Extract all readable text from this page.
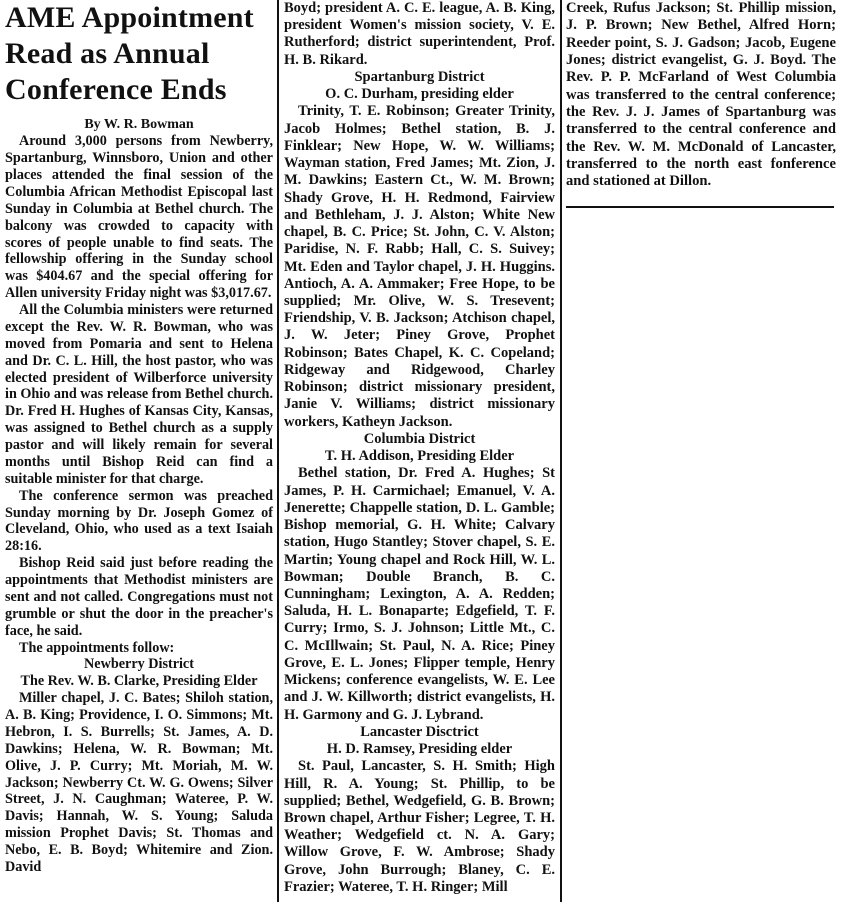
AME Appointment
Read as Annual
Conference Ends

By W. R. Bowman

Around 3,000 persons from Newberry, Spartanburg, Winnsboro, Union and other places attended the final session of the Columbia African Methodist Episcopal last Sunday in Columbia at Bethel church. The balcony was crowded to capacity with scores of people unable to find seats. The fellowship offering in the Sunday school was $404.67 and the special offering for Allen university Friday night was $3,017.67.

All the Columbia ministers were returned except the Rev. W. R. Bowman, who was moved from Pomaria and sent to Helena and Dr. C. L. Hill, the host pastor, who was elected president of Wilberforce university in Ohio and was release from Bethel church. Dr. Fred H. Hughes of Kansas City, Kansas, was assigned to Bethel church as a supply pastor and will likely remain for several months until Bishop Reid can find a suitable minister for that charge.

The conference sermon was preached Sunday morning by Dr. Joseph Gomez of Cleveland, Ohio, who used as a text Isaiah 28:16.

Bishop Reid said just before reading the appointments that Methodist ministers are sent and not called. Congregations must not grumble or shut the door in the preacher's face, he said.

The appointments follow:

Newberry District

The Rev. W. B. Clarke, Presiding Elder

Miller chapel, J. C. Bates; Shiloh station, A. B. King; Providence, I. O. Simmons; Mt. Hebron, I. S. Burrells; St. James, A. D. Dawkins; Helena, W. R. Bowman; Mt. Olive, J. P. Curry; Mt. Moriah, M. W. Jackson; Newberry Ct. W. G. Owens; Silver Street, J. N. Caughman; Wateree, P. W. Davis; Hannah, W. S. Young; Saluda mission Prophet Davis; St. Thomas and Nebo, E. B. Boyd; Whitemire and Zion. David

Boyd; president A. C. E. league, A. B. King, president Women's mission society, V. E. Rutherford; district superintendent, Prof. H. B. Rikard.

Spartanburg District

O. C. Durham, presiding elder

Trinity, T. E. Robinson; Greater Trinity, Jacob Holmes; Bethel station, B. J. Finklear; New Hope, W. W. Williams; Wayman station, Fred James; Mt. Zion, J. M. Dawkins; Eastern Ct., W. M. Brown; Shady Grove, H. H. Redmond, Fairview and Bethleham, J. J. Alston; White New chapel, B. C. Price; St. John, C. V. Alston; Paridise, N. F. Rabb; Hall, C. S. Suivey; Mt. Eden and Taylor chapel, J. H. Huggins. Antioch, A. A. Ammaker; Free Hope, to be supplied; Mr. Olive, W. S. Tresevent; Friendship, V. B. Jackson; Atchison chapel, J. W. Jeter; Piney Grove, Prophet Robinson; Bates Chapel, K. C. Copeland; Ridgeway and Ridgewood, Charley Robinson; district missionary president, Janie V. Williams; district missionary workers, Katheyn Jackson.

Columbia District

T. H. Addison, Presiding Elder

Bethel station, Dr. Fred A. Hughes; St James, P. H. Carmichael; Emanuel, V. A. Jenerette; Chappelle station, D. L. Gamble; Bishop memorial, G. H. White; Calvary station, Hugo Stantley; Stover chapel, S. E. Martin; Young chapel and Rock Hill, W. L. Bowman; Double Branch, B. C. Cunningham; Lexington, A. A. Redden; Saluda, H. L. Bonaparte; Edgefield, T. F. Curry; Irmo, S. J. Johnson; Little Mt., C. C. McIllwain; St. Paul, N. A. Rice; Piney Grove, E. L. Jones; Flipper temple, Henry Mickens; conference evangelists, W. E. Lee and J. W. Killworth; district evangelists, H. H. Garmony and G. J. Lybrand.

Lancaster Disctrict

H. D. Ramsey, Presiding elder

St. Paul, Lancaster, S. H. Smith; High Hill, R. A. Young; St. Phillip, to be supplied; Bethel, Wedgefield, G. B. Brown; Brown chapel, Arthur Fisher; Legree, T. H. Weather; Wedgefield ct. N. A. Gary; Willow Grove, F. W. Ambrose; Shady Grove, John Burrough; Blaney, C. E. Frazier; Wateree, T. H. Ringer; Mill

Creek, Rufus Jackson; St. Phillip mission, J. P. Brown; New Bethel, Alfred Horn; Reeder point, S. J. Gadson; Jacob, Eugene Jones; district evangelist, G. J. Boyd. The Rev. P. P. McFarland of West Columbia was transferred to the central conference; the Rev. J. J. James of Spartanburg was transferred to the central conference and the Rev. W. M. McDonald of Lancaster, transferred to the north east fonference and stationed at Dillon.
